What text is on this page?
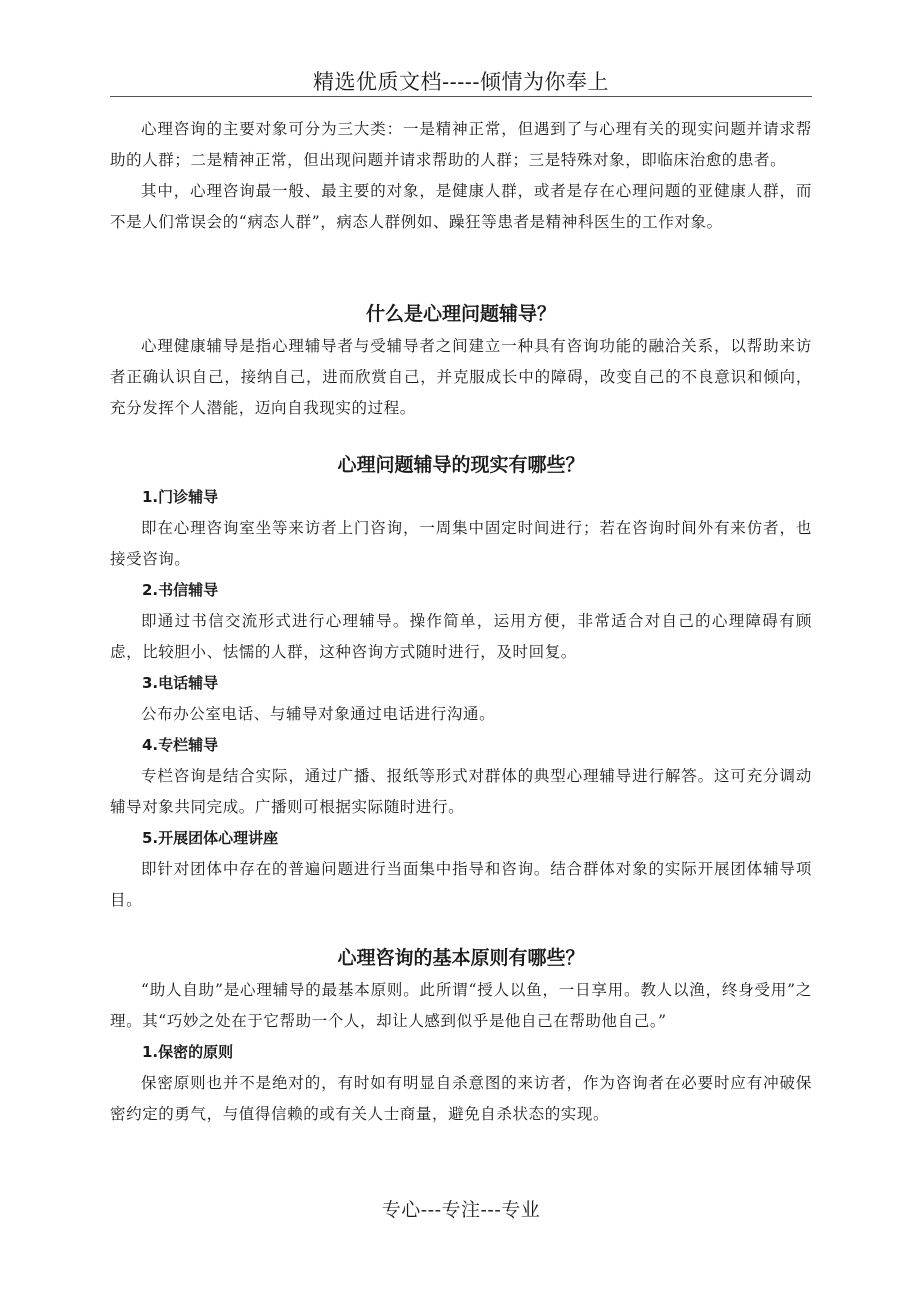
精选优质文档-----倾情为你奉上

心理咨询的主要对象可分为三大类：一是精神正常，但遇到了与心理有关的现实问题并请求帮助的人群；二是精神正常，但出现问题并请求帮助的人群；三是特殊对象，即临床治愈的患者。

其中，心理咨询最一般、最主要的对象，是健康人群，或者是存在心理问题的亚健康人群，而不是人们常误会的“病态人群”，病态人群例如、躁狂等患者是精神科医生的工作对象。

什么是心理问题辅导？

心理健康辅导是指心理辅导者与受辅导者之间建立一种具有咨询功能的融洽关系，以帮助来访者正确认识自己，接纳自己，进而欣赏自己，并克服成长中的障碍，改变自己的不良意识和倾向，充分发挥个人潜能，迈向自我现实的过程。

心理问题辅导的现实有哪些？
1.门诊辅导

即在心理咨询室坐等来访者上门咨询，一周集中固定时间进行；若在咨询时间外有来仿者，也接受咨询。

2.书信辅导

即通过书信交流形式进行心理辅导。操作简单，运用方便，非常适合对自己的心理障碍有顾虑，比较胆小、怯懦的人群，这种咨询方式随时进行，及时回复。

3.电话辅导

公布办公室电话、与辅导对象通过电话进行沟通。

4.专栏辅导

专栏咨询是结合实际，通过广播、报纸等形式对群体的典型心理辅导进行解答。这可充分调动辅导对象共同完成。广播则可根据实际随时进行。

5.开展团体心理讲座

即针对团体中存在的普遍问题进行当面集中指导和咨询。结合群体对象的实际开展团体辅导项目。

心理咨询的基本原则有哪些？

“助人自助”是心理辅导的最基本原则。此所谓“授人以鱼，一日享用。教人以渔，终身受用”之理。其“巧妙之处在于它帮助一个人，却让人感到似乎是他自己在帮助他自己。”

1.保密的原则

保密原则也并不是绝对的，有时如有明显自杀意图的来访者，作为咨询者在必要时应有冲破保密约定的勇气，与值得信赖的或有关人士商量，避免自杀状态的实现。

专心---专注---专业
